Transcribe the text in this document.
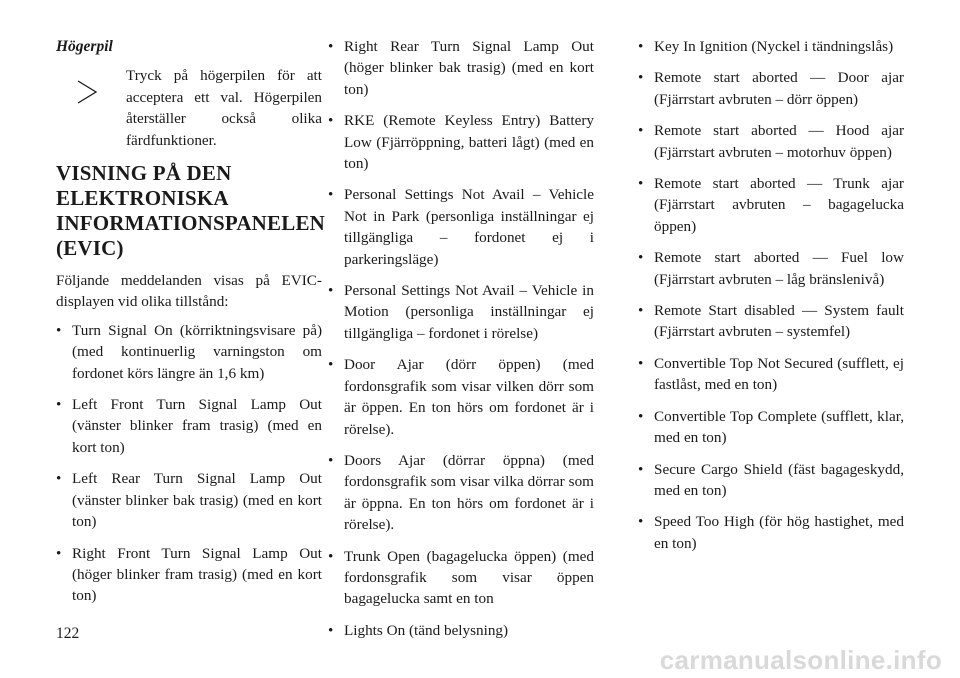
Högerpil
Tryck på högerpilen för att acceptera ett val. Högerpilen återställer också olika färdfunktioner.
VISNING PÅ DEN ELEKTRONISKA INFORMATIONSPANELEN (EVIC)
Följande meddelanden visas på EVIC-displayen vid olika tillstånd:
• Turn Signal On (körriktningsvisare på) (med kontinuerlig varningston om fordonet körs längre än 1,6 km)
• Left Front Turn Signal Lamp Out (vänster blinker fram trasig) (med en kort ton)
• Left Rear Turn Signal Lamp Out (vänster blinker bak trasig) (med en kort ton)
• Right Front Turn Signal Lamp Out (höger blinker fram trasig) (med en kort ton)
• Right Rear Turn Signal Lamp Out (höger blinker bak trasig) (med en kort ton)
• RKE (Remote Keyless Entry) Battery Low (Fjärröppning, batteri lågt) (med en ton)
• Personal Settings Not Avail – Vehicle Not in Park (personliga inställningar ej tillgängliga – fordonet ej i parkeringsläge)
• Personal Settings Not Avail – Vehicle in Motion (personliga inställningar ej tillgängliga – fordonet i rörelse)
• Door Ajar (dörr öppen) (med fordonsgrafik som visar vilken dörr som är öppen. En ton hörs om fordonet är i rörelse).
• Doors Ajar (dörrar öppna) (med fordonsgrafik som visar vilka dörrar som är öppna. En ton hörs om fordonet är i rörelse).
• Trunk Open (bagagelucka öppen) (med fordonsgrafik som visar öppen bagagelucka samt en ton
• Lights On (tänd belysning)
• Key In Ignition (Nyckel i tändningslås)
• Remote start aborted — Door ajar (Fjärrstart avbruten – dörr öppen)
• Remote start aborted — Hood ajar (Fjärrstart avbruten – motorhuv öppen)
• Remote start aborted — Trunk ajar (Fjärrstart avbruten – bagagelucka öppen)
• Remote start aborted — Fuel low (Fjärrstart avbruten – låg bränslenivå)
• Remote Start disabled — System fault (Fjärrstart avbruten – systemfel)
• Convertible Top Not Secured (sufflett, ej fastlåst, med en ton)
• Convertible Top Complete (sufflett, klar, med en ton)
• Secure Cargo Shield (fäst bagageskydd, med en ton)
• Speed Too High (för hög hastighet, med en ton)
122
carmanualsonline.info
